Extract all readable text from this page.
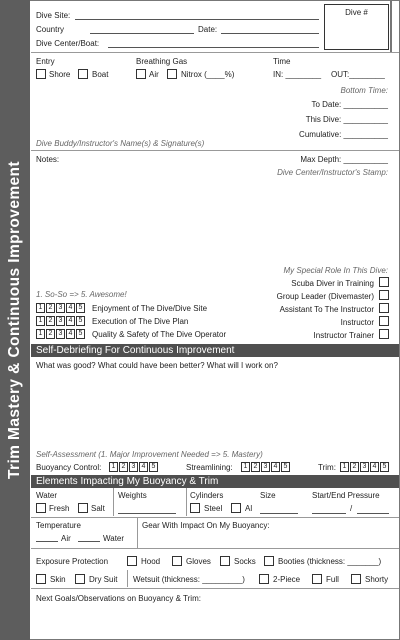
Trim Mastery & Continuous Improvement
Dive Site:
Country	Date:
Dive Center/Boat:
Dive #
Entry
Shore	Boat
Breathing Gas
Air	Nitrox (____%)
Time
IN: ________ OUT:________
Bottom Time:
To Date: __________
This Dive: __________
Cumulative: __________
Dive Buddy/Instructor's Name(s) & Signature(s)
Notes:	Max Depth: __________
Dive Center/Instructor's Stamp:
My Special Role In This Dive:
Scuba Diver in Training
Group Leader (Divemaster)
Assistant To The Instructor
Instructor
Instructor Trainer
1. So-So => 5. Awesome!
1 2 3 4 5	Enjoyment of The Dive/Dive Site
1 2 3 4 5	Execution of The Dive Plan
1 2 3 4 5	Quality & Safety of The Dive Operator
Self-Debriefing For Continuous Improvement
What was good? What could have been better? What will I work on?
Self-Assessment (1. Major Improvement Needed => 5. Mastery)
Buoyancy Control:	1 2 3 4 5	Streamlining:	1 2 3 4 5	Trim: 1 2 3 4 5
Elements Impacting My Buoyancy & Trim
Water
Fresh	Salt
Weights	Cylinders
Steel	Al
Size	Start/End Pressure
/
Temperature
Air	Water
Gear With Impact On My Buoyancy:
Exposure Protection	Hood	Gloves	Socks	Booties (thickness: _______)
Skin	Dry Suit Wetsuit (thickness: _________)	2-Piece	Full	Shorty
Next Goals/Observations on Buoyancy & Trim:
